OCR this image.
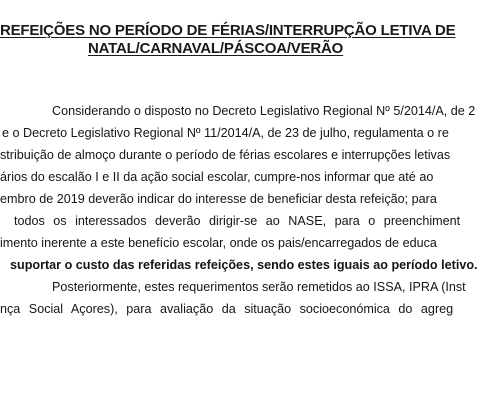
REFEIÇÕES NO PERÍODO DE FÉRIAS/INTERRUPÇÃO LETIVA DE
NATAL/CARNAVAL/PÁSCOA/VERÃO
Considerando o disposto no Decreto Legislativo Regional Nº 5/2014/A, de 2
e o Decreto Legislativo Regional Nº 11/2014/A, de 23 de julho, regulamenta o re
stribuição de almoço durante o período de férias escolares e interrupções letivas
ários do escalão I e II da ação social escolar, cumpre-nos informar que até ao
embro de 2019 deverão indicar do interesse de beneficiar desta refeição; para
todos os interessados deverão dirigir-se ao NASE, para o preenchiment
imento inerente a este benefício escolar, onde os pais/encarregados de educa
suportar o custo das referidas refeições, sendo estes iguais ao período letivo.
Posteriormente, estes requerimentos serão remetidos ao ISSA, IPRA (Inst
nça Social Açores), para avaliação da situação socioeconómica do agreg
